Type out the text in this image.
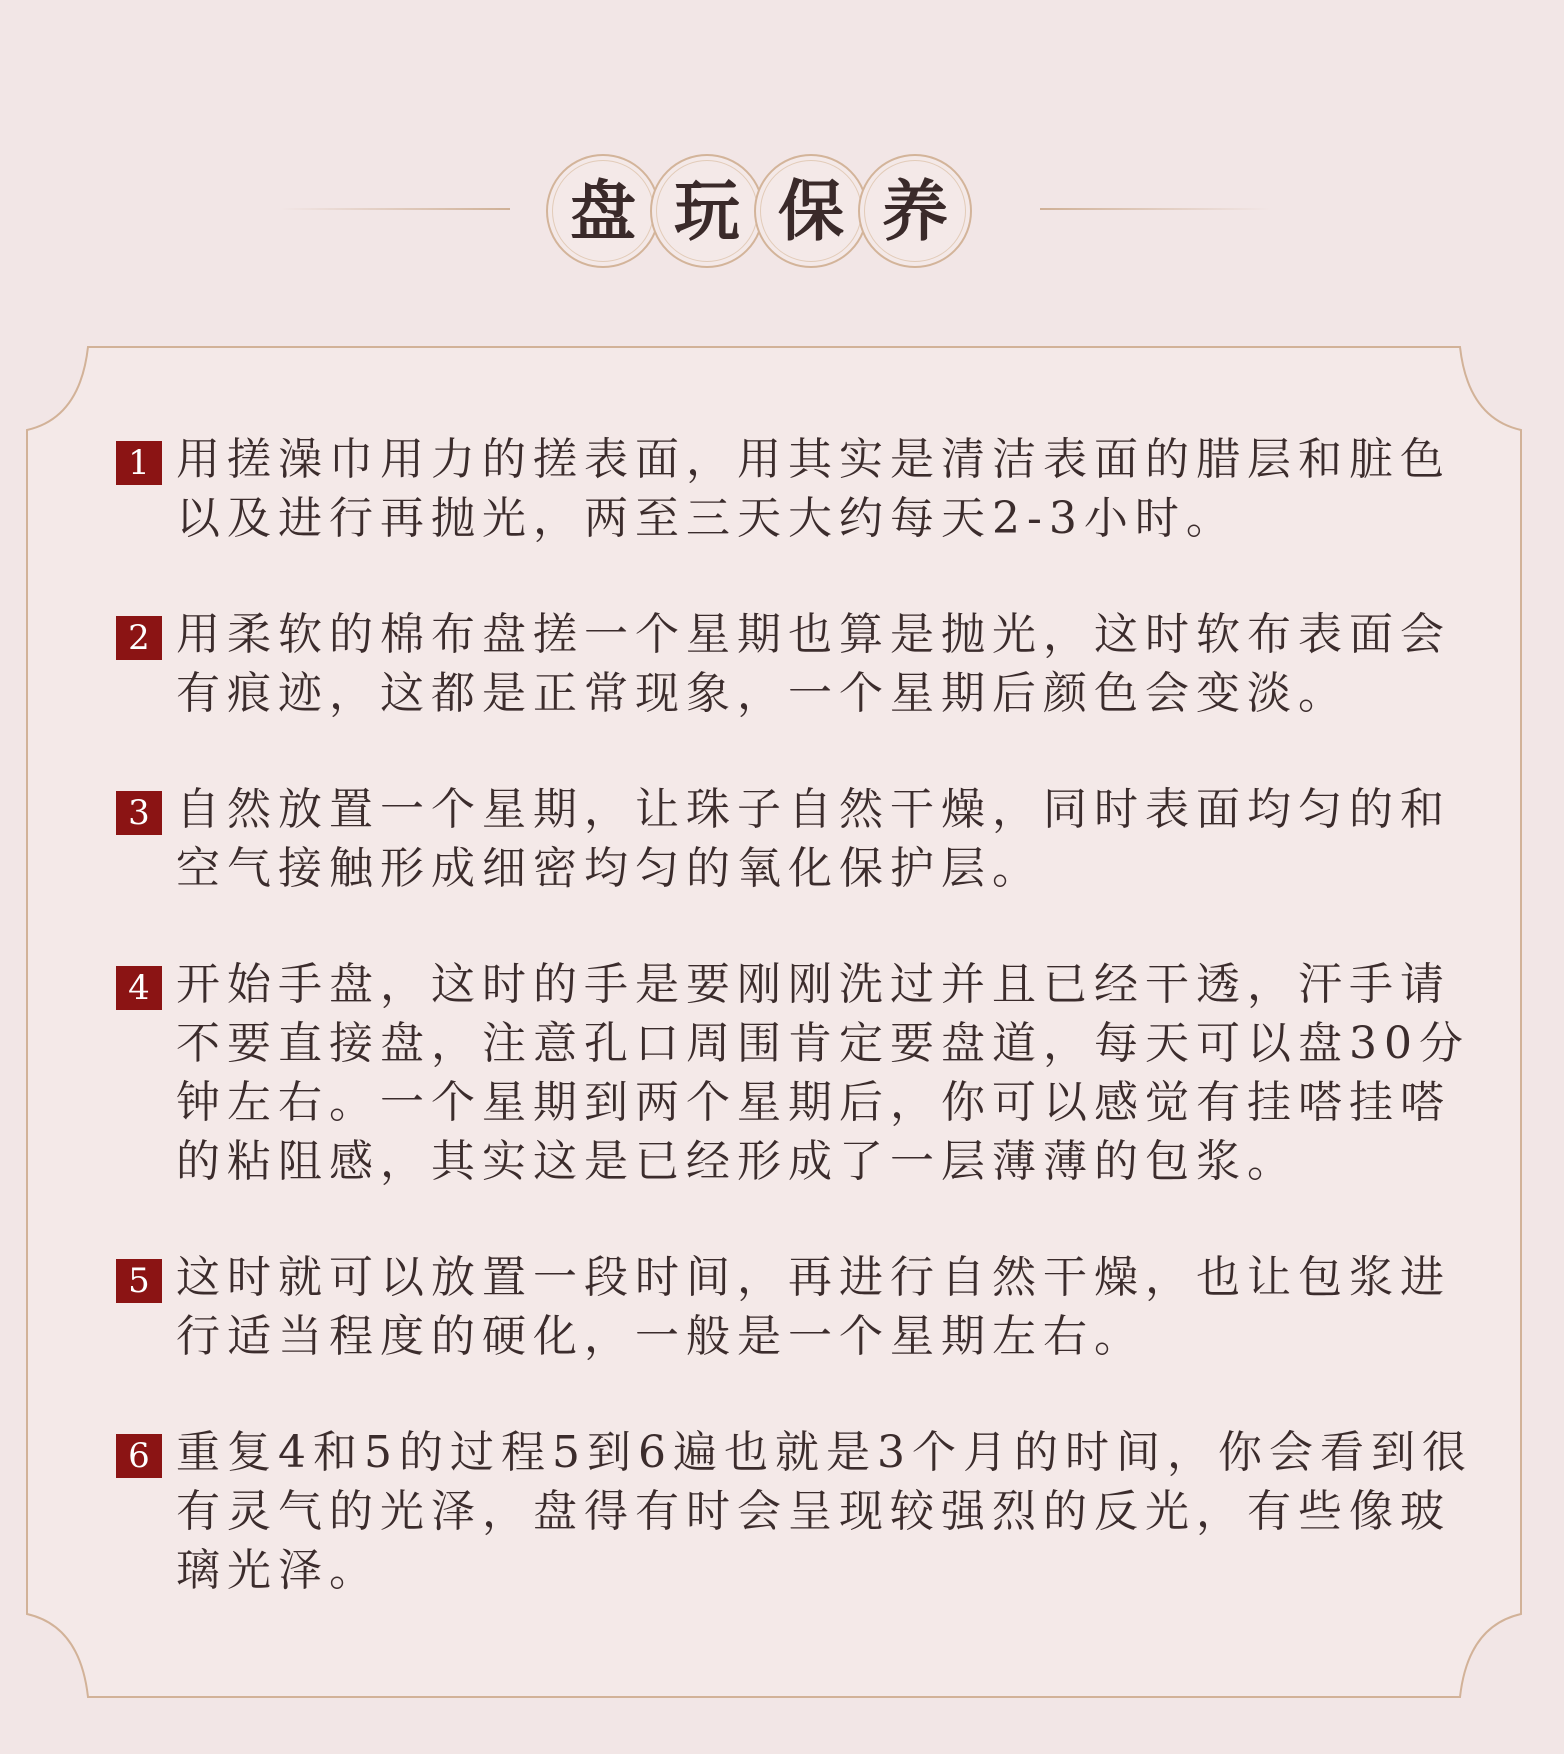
盘 玩 保 养
1 用搓澡巾用力的搓表面，用其实是清洁表面的腊层和脏色以及进行再抛光，两至三天大约每天2-3小时。

2 用柔软的棉布盘搓一个星期也算是抛光，这时软布表面会有痕迹，这都是正常现象，一个星期后颜色会变淡。

3 自然放置一个星期，让珠子自然干燥，同时表面均匀的和空气接触形成细密均匀的氧化保护层。

4 开始手盘，这时的手是要刚刚洗过并且已经干透，汗手请不要直接盘，注意孔口周围肯定要盘道，每天可以盘30分钟左右。一个星期到两个星期后，你可以感觉有挂嗒挂嗒的粘阻感，其实这是已经形成了一层薄薄的包浆。

5 这时就可以放置一段时间，再进行自然干燥，也让包浆进行适当程度的硬化，一般是一个星期左右。

6 重复4和5的过程5到6遍也就是3个月的时间，你会看到很有灵气的光泽，盘得有时会呈现较强烈的反光，有些像玻璃光泽。
